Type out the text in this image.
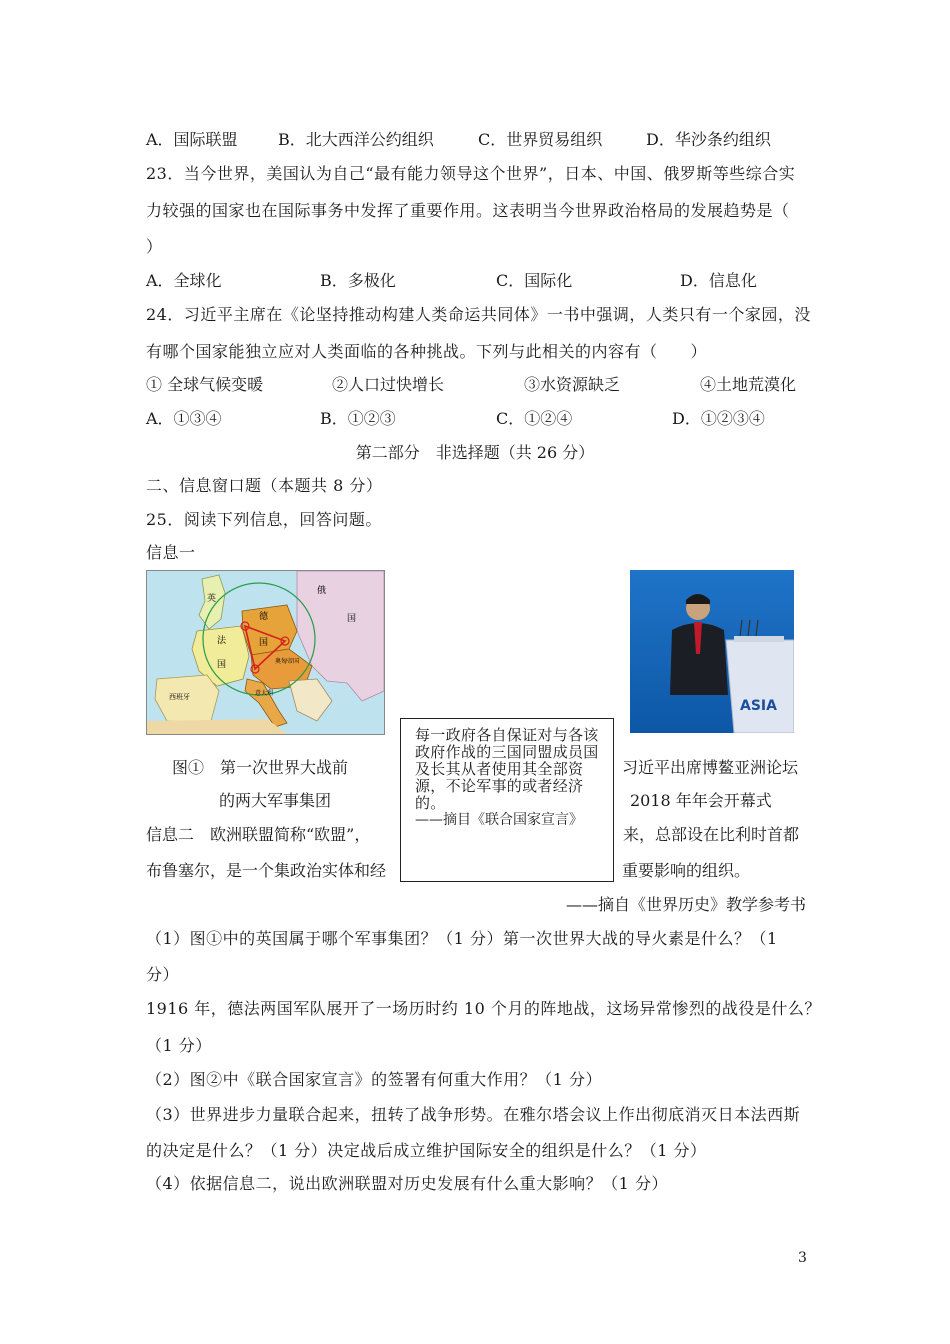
A．国际联盟	B．北大西洋公约组织	C．世界贸易组织	D．华沙条约组织
23．当今世界，美国认为自己“最有能力领导这个世界”，日本、中国、俄罗斯等些综合实
力较强的国家也在国际事务中发挥了重要作用。这表明当今世界政治格局的发展趋势是（
）
A．全球化	B．多极化	C．国际化	D．信息化
24．习近平主席在《论坚持推动构建人类命运共同体》一书中强调，人类只有一个家园，没
有哪个国家能独立应对人类面临的各种挑战。下列与此相关的内容有（　　）
① 全球气候变暖	②人口过快增长	③水资源缺乏	④土地荒漠化
A．①③④	B．①②③	C．①②④	D．①②③④
第二部分　非选择题（共 26 分）
二、信息窗口题（本题共 8 分）
25．阅读下列信息，回答问题。
信息一
英
法
国
德
国
俄
国
奥匈帝国
意大利
西班牙
ASIA
每一政府各自保证对与各该政府作战的三国同盟成员国及长其从者使用其全部资源，不论军事的或者经济的。
——摘目《联合国家宣言》
图①　第一次世界大战前
的两大军事集团
习近平出席博鳌亚洲论坛
2018 年年会开幕式
信息二　欧洲联盟简称“欧盟”，	来，总部设在比利时首都
布鲁塞尔，是一个集政治实体和经	重要影响的组织。
——摘自《世界历史》教学参考书
（1）图①中的英国属于哪个军事集团？（1 分）第一次世界大战的导火素是什么？（1
分）
1916 年，德法两国军队展开了一场历时约 10 个月的阵地战，这场异常惨烈的战役是什么？
（1 分）
（2）图②中《联合国家宣言》的签署有何重大作用？（1 分）
（3）世界进步力量联合起来，扭转了战争形势。在雅尔塔会议上作出彻底消灭日本法西斯
的决定是什么？（1 分）决定战后成立维护国际安全的组织是什么？（1 分）
（4）依据信息二，说出欧洲联盟对历史发展有什么重大影响？（1 分）
3
